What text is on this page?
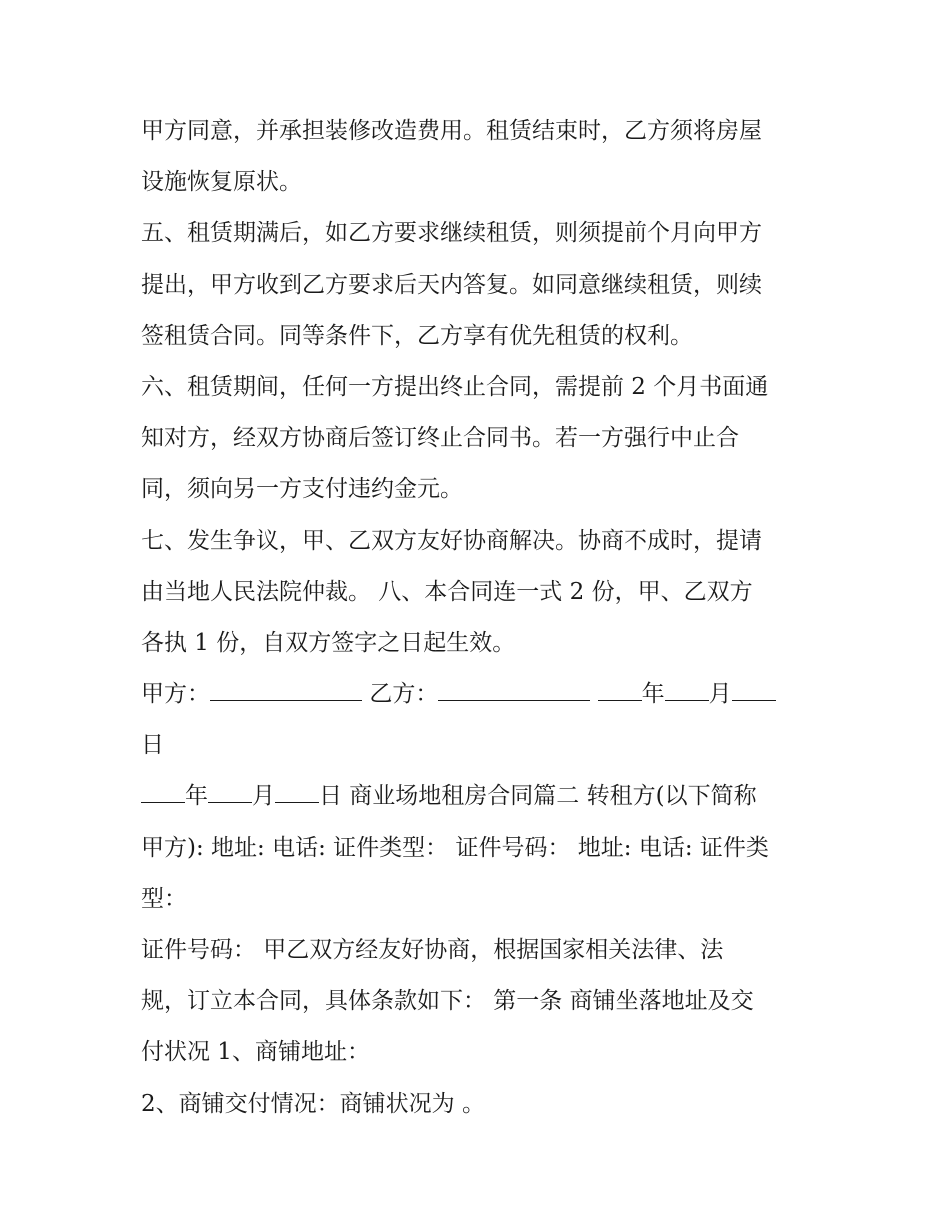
甲方同意，并承担装修改造费用。租赁结束时，乙方须将房屋
设施恢复原状。
五、租赁期满后，如乙方要求继续租赁，则须提前个月向甲方
提出，甲方收到乙方要求后天内答复。如同意继续租赁，则续
签租赁合同。同等条件下，乙方享有优先租赁的权利。
六、租赁期间，任何一方提出终止合同，需提前 2 个月书面通
知对方，经双方协商后签订终止合同书。若一方强行中止合
同，须向另一方支付违约金元。
七、发生争议，甲、乙双方友好协商解决。协商不成时，提请
由当地人民法院仲裁。 八、本合同连一式 2 份，甲、乙双方
各执 1 份，自双方签字之日起生效。
甲方：	乙方：	年 月
日
年 月 日 商业场地租房合同篇二 转租方(以下简称
甲方): 地址: 电话: 证件类型： 证件号码： 地址: 电话: 证件类
型：
证件号码： 甲乙双方经友好协商，根据国家相关法律、法
规，订立本合同，具体条款如下： 第一条 商铺坐落地址及交
付状况 1、商铺地址：
2、商铺交付情况：商铺状况为 。
